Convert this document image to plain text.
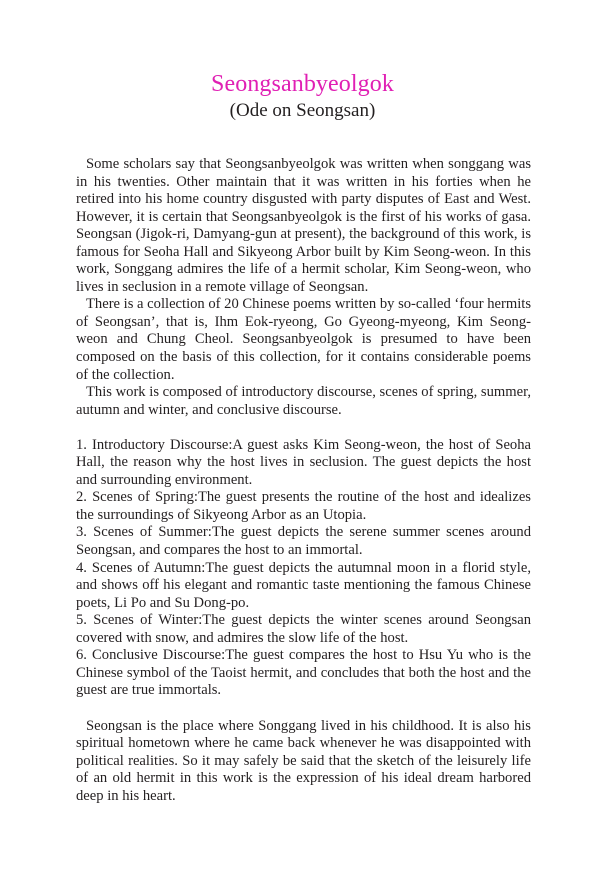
Seongsanbyeolgok
(Ode on Seongsan)

Some scholars say that Seongsanbyeolgok was written when songgang was in his twenties. Other maintain that it was written in his forties when he retired into his home country disgusted with party disputes of East and West. However, it is certain that Seongsanbyeolgok is the first of his works of gasa. Seongsan (Jigok-ri, Damyang-gun at present), the background of this work, is famous for Seoha Hall and Sikyeong Arbor built by Kim Seong-weon. In this work, Songgang admires the life of a hermit scholar, Kim Seong-weon, who lives in seclusion in a remote village of Seongsan.

There is a collection of 20 Chinese poems written by so-called ‘four hermits of Seongsan’, that is, Ihm Eok-ryeong, Go Gyeong-myeong, Kim Seong-weon and Chung Cheol. Seongsanbyeolgok is presumed to have been composed on the basis of this collection, for it contains considerable poems of the collection.

This work is composed of introductory discourse, scenes of spring, summer, autumn and winter, and conclusive discourse.

1. Introductory Discourse:A guest asks Kim Seong-weon, the host of Seoha Hall, the reason why the host lives in seclusion. The guest depicts the host and surrounding environment.

2. Scenes of Spring:The guest presents the routine of the host and idealizes the surroundings of Sikyeong Arbor as an Utopia.

3. Scenes of Summer:The guest depicts the serene summer scenes around Seongsan, and compares the host to an immortal.

4. Scenes of Autumn:The guest depicts the autumnal moon in a florid style, and shows off his elegant and romantic taste mentioning the famous Chinese poets, Li Po and Su Dong-po.

5. Scenes of Winter:The guest depicts the winter scenes around Seongsan covered with snow, and admires the slow life of the host.

6. Conclusive Discourse:The guest compares the host to Hsu Yu who is the Chinese symbol of the Taoist hermit, and concludes that both the host and the guest are true immortals.

Seongsan is the place where Songgang lived in his childhood. It is also his spiritual hometown where he came back whenever he was disappointed with political realities. So it may safely be said that the sketch of the leisurely life of an old hermit in this work is the expression of his ideal dream harbored deep in his heart.
